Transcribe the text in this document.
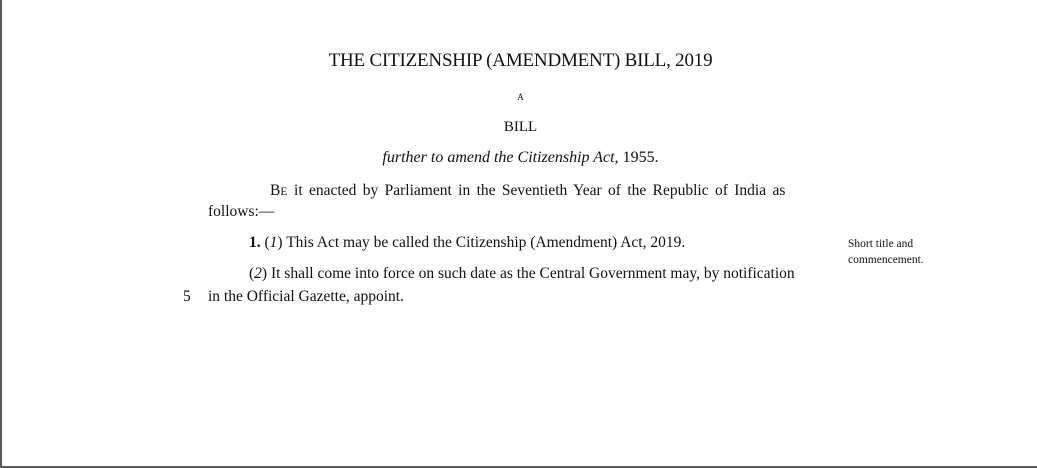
THE CITIZENSHIP (AMENDMENT) BILL, 2019
A
BILL
further to amend the Citizenship Act, 1955.
BE it enacted by Parliament in the Seventieth Year of the Republic of India as
follows:—
1. (1) This Act may be called the Citizenship (Amendment) Act, 2019.
(2) It shall come into force on such date as the Central Government may, by notification
5 in the Official Gazette, appoint.
Short title and
commencement.
